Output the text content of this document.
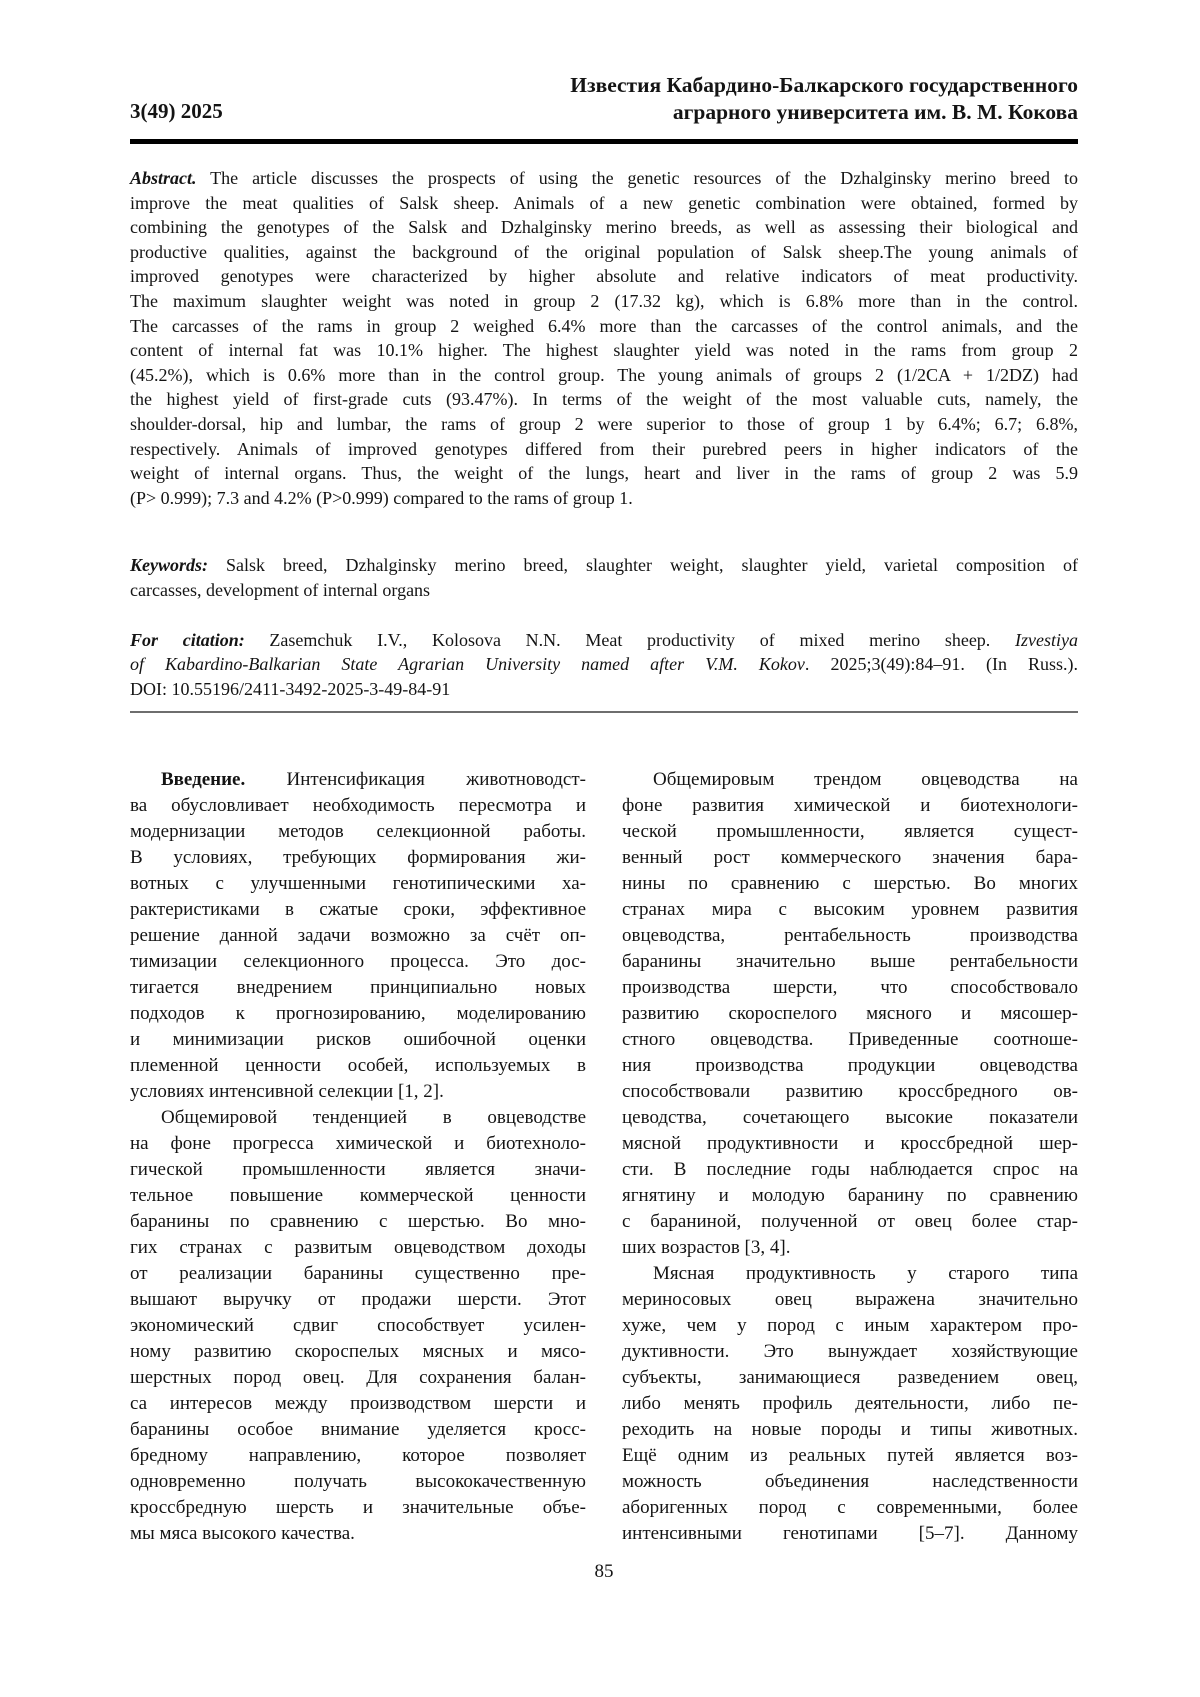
3(49) 2025
Известия Кабардино-Балкарского государственного
аграрного университета им. В. М. Кокова
Abstract. The article discusses the prospects of using the genetic resources of the Dzhalginsky merino breed to
improve the meat qualities of Salsk sheep. Animals of a new genetic combination were obtained, formed by
combining the genotypes of the Salsk and Dzhalginsky merino breeds, as well as assessing their biological and
productive qualities, against the background of the original population of Salsk sheep.The young animals of
improved genotypes were characterized by higher absolute and relative indicators of meat productivity.
The maximum slaughter weight was noted in group 2 (17.32 kg), which is 6.8% more than in the control.
The carcasses of the rams in group 2 weighed 6.4% more than the carcasses of the control animals, and the
content of internal fat was 10.1% higher. The highest slaughter yield was noted in the rams from group 2
(45.2%), which is 0.6% more than in the control group. The young animals of groups 2 (1/2CA + 1/2DZ) had
the highest yield of first-grade cuts (93.47%). In terms of the weight of the most valuable cuts, namely, the
shoulder-dorsal, hip and lumbar, the rams of group 2 were superior to those of group 1 by 6.4%; 6.7; 6.8%,
respectively. Animals of improved genotypes differed from their purebred peers in higher indicators of the
weight of internal organs. Thus, the weight of the lungs, heart and liver in the rams of group 2 was 5.9
(P> 0.999); 7.3 and 4.2% (P>0.999) compared to the rams of group 1.
Keywords: Salsk breed, Dzhalginsky merino breed, slaughter weight, slaughter yield, varietal composition of
carcasses, development of internal organs
For citation: Zasemchuk I.V., Kolosova N.N. Meat productivity of mixed merino sheep. Izvestiya
of Kabardino-Balkarian State Agrarian University named after V.M. Kokov. 2025;3(49):84–91. (In Russ.).
DOI: 10.55196/2411-3492-2025-3-49-84-91
Введение. Интенсификация животноводст-
ва обусловливает необходимость пересмотра и
модернизации методов селекционной работы.
В условиях, требующих формирования жи-
вотных с улучшенными генотипическими ха-
рактеристиками в сжатые сроки, эффективное
решение данной задачи возможно за счёт оп-
тимизации селекционного процесса. Это дос-
тигается внедрением принципиально новых
подходов к прогнозированию, моделированию
и минимизации рисков ошибочной оценки
племенной ценности особей, используемых в
условиях интенсивной селекции [1, 2].
Общемировой тенденцией в овцеводстве
на фоне прогресса химической и биотехноло-
гической промышленности является значи-
тельное повышение коммерческой ценности
баранины по сравнению с шерстью. Во мно-
гих странах с развитым овцеводством доходы
от реализации баранины существенно пре-
вышают выручку от продажи шерсти. Этот
экономический сдвиг способствует усилен-
ному развитию скороспелых мясных и мясо-
шерстных пород овец. Для сохранения балан-
са интересов между производством шерсти и
баранины особое внимание уделяется кросс-
бредному направлению, которое позволяет
одновременно получать высококачественную
кроссбредную шерсть и значительные объе-
мы мяса высокого качества.
Общемировым трендом овцеводства на
фоне развития химической и биотехнологи-
ческой промышленности, является сущест-
венный рост коммерческого значения бара-
нины по сравнению с шерстью. Во многих
странах мира с высоким уровнем развития
овцеводства, рентабельность производства
баранины значительно выше рентабельности
производства шерсти, что способствовало
развитию скороспелого мясного и мясошер-
стного овцеводства. Приведенные соотноше-
ния производства продукции овцеводства
способствовали развитию кроссбредного ов-
цеводства, сочетающего высокие показатели
мясной продуктивности и кроссбредной шер-
сти. В последние годы наблюдается спрос на
ягнятину и молодую баранину по сравнению
с бараниной, полученной от овец более стар-
ших возрастов [3, 4].
Мясная продуктивность у старого типа
мериносовых овец выражена значительно
хуже, чем у пород с иным характером про-
дуктивности. Это вынуждает хозяйствующие
субъекты, занимающиеся разведением овец,
либо менять профиль деятельности, либо пе-
реходить на новые породы и типы животных.
Ещё одним из реальных путей является воз-
можность объединения наследственности
аборигенных пород с современными, более
интенсивными генотипами [5–7]. Данному
85
